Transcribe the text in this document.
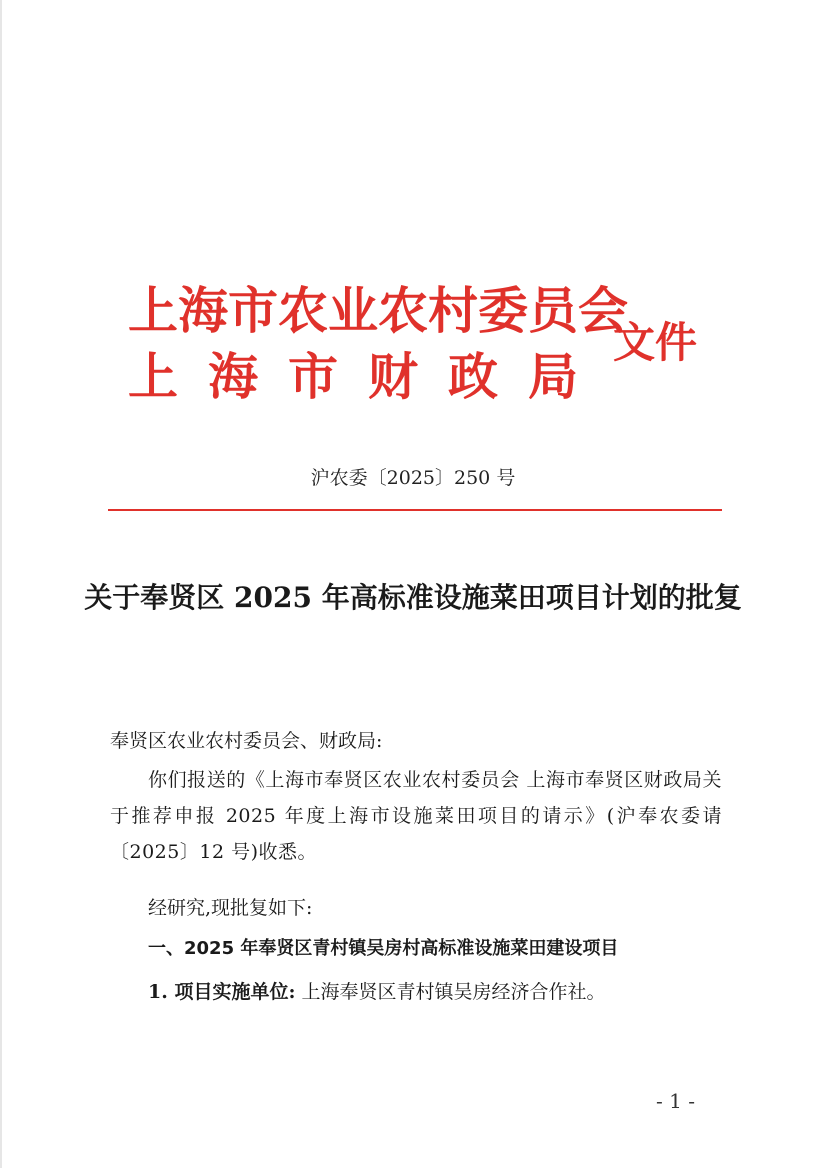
上海市农业农村委员会
上海市财政局
文件
沪农委〔2025〕250 号
关于奉贤区 2025 年高标准设施菜田项目计划的批复
奉贤区农业农村委员会、财政局:
你们报送的《上海市奉贤区农业农村委员会 上海市奉贤区财政局关于推荐申报 2025 年度上海市设施菜田项目的请示》(沪奉农委请〔2025〕12 号)收悉。
经研究,现批复如下:
一、2025 年奉贤区青村镇吴房村高标准设施菜田建设项目
1. 项目实施单位: 上海奉贤区青村镇吴房经济合作社。
- 1 -
